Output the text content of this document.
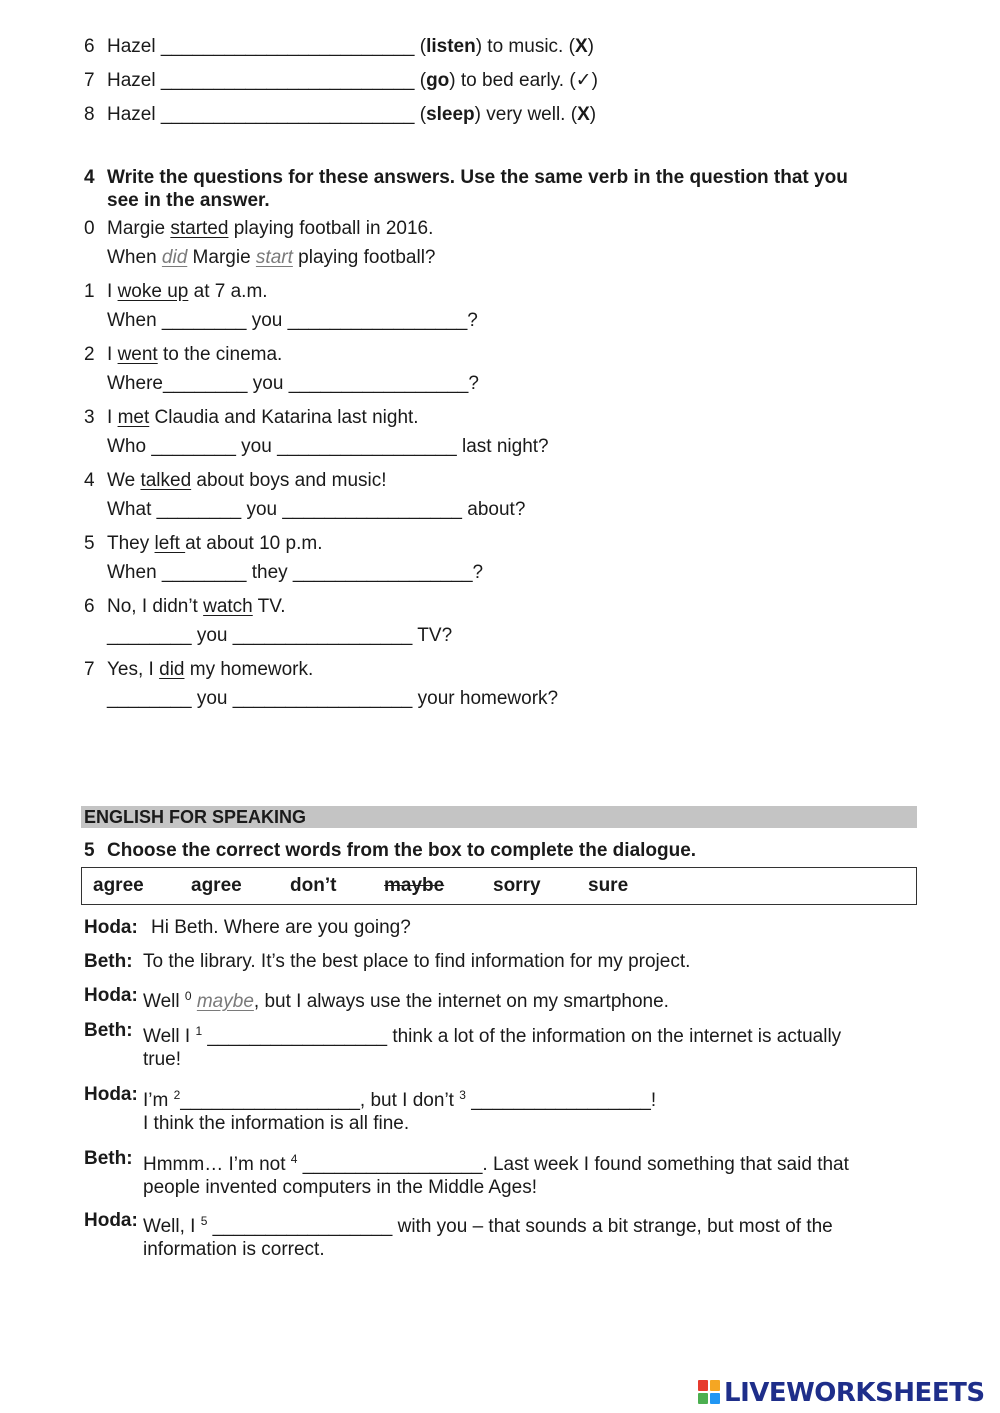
6 Hazel ________________________ (listen) to music. (X)
7 Hazel ________________________ (go) to bed early. (✓)
8 Hazel ________________________ (sleep) very well. (X)
4 Write the questions for these answers. Use the same verb in the question that you
see in the answer.
0 Margie started playing football in 2016.
When did Margie start playing football?
1 I woke up at 7 a.m.
When ________ you _________________?
2 I went to the cinema.
Where________ you _________________?
3 I met Claudia and Katarina last night.
Who ________ you _________________ last night?
4 We talked about boys and music!
What ________ you _________________ about?
5 They left at about 10 p.m.
When ________ they _________________?
6 No, I didn’t watch TV.
________ you _________________ TV?
7 Yes, I did my homework.
________ you _________________ your homework?
ENGLISH FOR SPEAKING
5 Choose the correct words from the box to complete the dialogue.
agree agree	don’t	maybe	sorry sure
Hoda: Hi Beth. Where are you going?
Beth: To the library. It’s the best place to find information for my project.
Hoda: Well $^0$ maybe, but I always use the internet on my smartphone.
Beth: Well I $^1$ _________________ think a lot of the information on the internet is actually
true!
Hoda: I’m $^2$_________________, but I don’t $^3$ _________________!
I think the information is all fine.
Beth: Hmmm… I’m not $^4$ _________________. Last week I found something that said that
people invented computers in the Middle Ages!
Hoda: Well, I $^5$ _________________ with you – that sounds a bit strange, but most of the
information is correct.
LIVEWORKSHEETS
